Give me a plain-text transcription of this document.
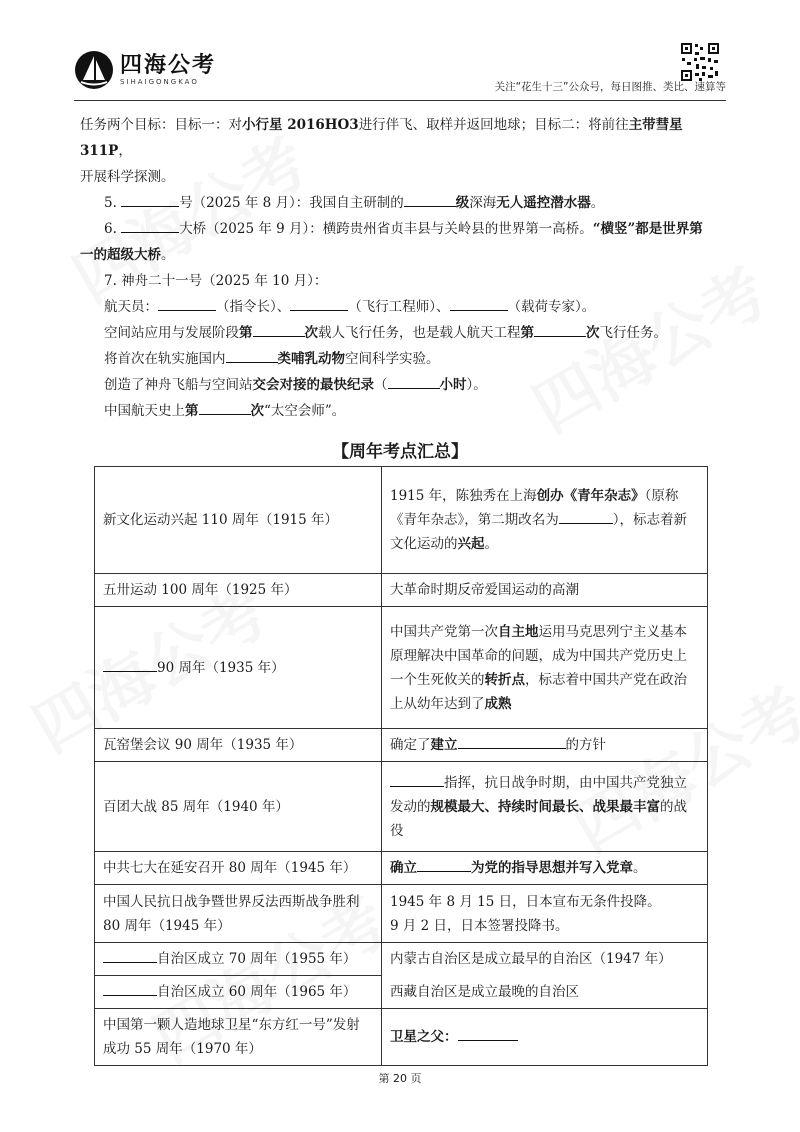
四海公考
SIHAIGONGKAO	关注“花生十三”公众号，每日图推、类比、速算等

任务两个目标：目标一：对小行星 2016HO3进行伴飞、取样并返回地球；目标二：将前往主带彗星 311P，

开展科学探测。

5.	号（2025 年 8 月）：我国自主研制的	级深海无人遥控潜水器。

6.	大桥（2025 年 9 月）：横跨贵州省贞丰县与关岭县的世界第一高桥。“横竖”都是世界第

一的超级大桥。

7. 神舟二十一号（2025 年 10 月）：

航天员：	（指令长）、	（飞行工程师）、	（载荷专家）。

空间站应用与发展阶段第	次载人飞行任务，也是载人航天工程第	次飞行任务。

将首次在轨实施国内	类哺乳动物空间科学实验。

创造了神舟飞船与空间站交会对接的最快纪录（	小时）。

中国航天史上第	次“太空会师”。

【周年考点汇总】
新文化运动兴起 110 周年（1915 年）	1915 年，陈独秀在上海创办《青年杂志》（原称《青年杂志》，第二期改名为 ），标志着新文化运动的兴起。
五卅运动 100 周年（1925 年）	大革命时期反帝爱国运动的高潮
90 周年（1935 年）	中国共产党第一次自主地运用马克思列宁主义基本原理解决中国革命的问题，成为中国共产党历史上一个生死攸关的转折点，标志着中国共产党在政治上从幼年达到了成熟
瓦窑堡会议 90 周年（1935 年）	确定了建立 的方针
百团大战 85 周年（1940 年）	指挥，抗日战争时期，由中国共产党独立发动的规模最大、持续时间最长、战果最丰富的战役
中共七大在延安召开 80 周年（1945 年）	确立 为党的指导思想并写入党章。
中国人民抗日战争暨世界反法西斯战争胜利 80 周年（1945 年）	1945 年 8 月 15 日，日本宣布无条件投降。
9 月 2 日，日本签署投降书。

自治区成立 70 周年（1955 年）	内蒙古自治区是成立最早的自治区（1947 年）
自治区成立 60 周年（1965 年）	西藏自治区是成立最晚的自治区
中国第一颗人造地球卫星“东方红一号”发射成功 55 周年（1970 年）	卫星之父：
第 20 页
